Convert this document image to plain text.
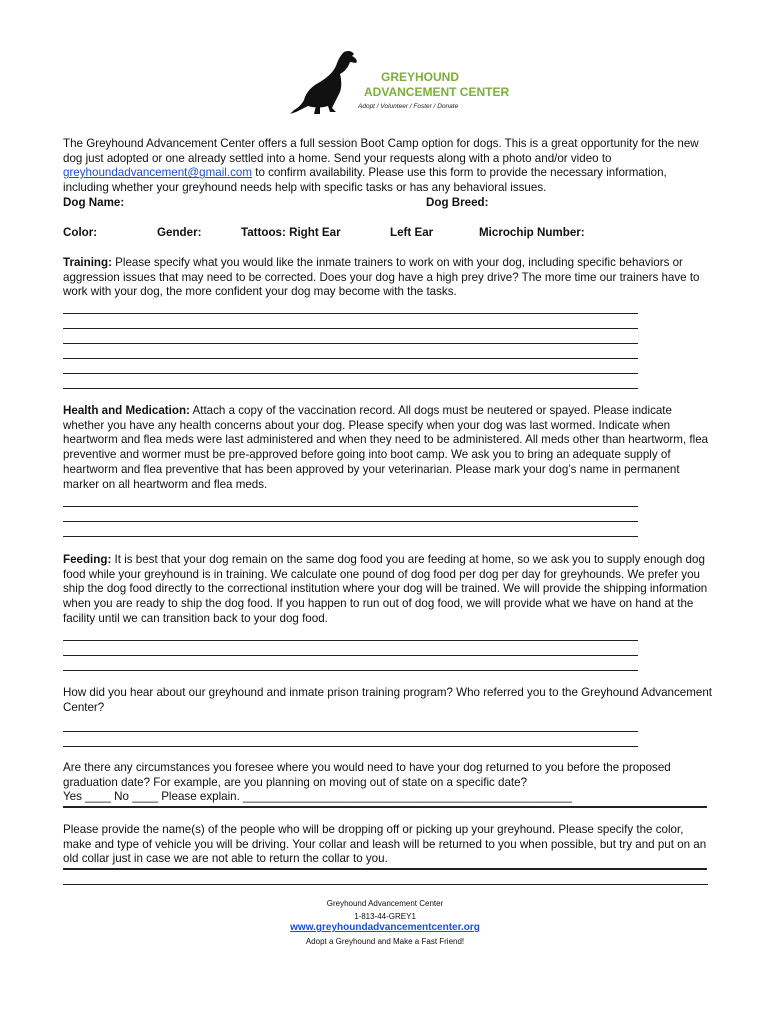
GREYHOUND
ADVANCEMENT CENTER
Adopt / Volunteer / Foster / Donate

The Greyhound Advancement Center offers a full session Boot Camp option for dogs. This is a great opportunity for the new dog just adopted or one already settled into a home. Send your requests along with a photo and/or video to greyhoundadvancement@gmail.com to confirm availability. Please use this form to provide the necessary information, including whether your greyhound needs help with specific tasks or has any behavioral issues.

Dog Name:	Dog Breed:
Color:	Gender:	Tattoos: Right Ear	Left Ear	Microchip Number:

Training: Please specify what you would like the inmate trainers to work on with your dog, including specific behaviors or aggression issues that may need to be corrected. Does your dog have a high prey drive? The more time our trainers have to work with your dog, the more confident your dog may become with the tasks.

Health and Medication: Attach a copy of the vaccination record. All dogs must be neutered or spayed. Please indicate whether you have any health concerns about your dog. Please specify when your dog was last wormed. Indicate when heartworm and flea meds were last administered and when they need to be administered. All meds other than heartworm, flea preventive and wormer must be pre-approved before going into boot camp. We ask you to bring an adequate supply of heartworm and flea preventive that has been approved by your veterinarian. Please mark your dog’s name in permanent marker on all heartworm and flea meds.

Feeding: It is best that your dog remain on the same dog food you are feeding at home, so we ask you to supply enough dog food while your greyhound is in training. We calculate one pound of dog food per dog per day for greyhounds. We prefer you ship the dog food directly to the correctional institution where your dog will be trained. We will provide the shipping information when you are ready to ship the dog food. If you happen to run out of dog food, we will provide what we have on hand at the facility until we can transition back to your dog food.

How did you hear about our greyhound and inmate prison training program? Who referred you to the Greyhound Advancement Center?

Are there any circumstances you foresee where you would need to have your dog returned to you before the proposed graduation date? For example, are you planning on moving out of state on a specific date?

Yes ____ No ____ Please explain. ___________________________________________________

Please provide the name(s) of the people who will be dropping off or picking up your greyhound. Please specify the color, make and type of vehicle you will be driving. Your collar and leash will be returned to you when possible, but try and put on an old collar just in case we are not able to return the collar to you.

Greyhound Advancement Center
1-813-44-GREY1
www.greyhoundadvancementcenter.org
Adopt a Greyhound and Make a Fast Friend!
